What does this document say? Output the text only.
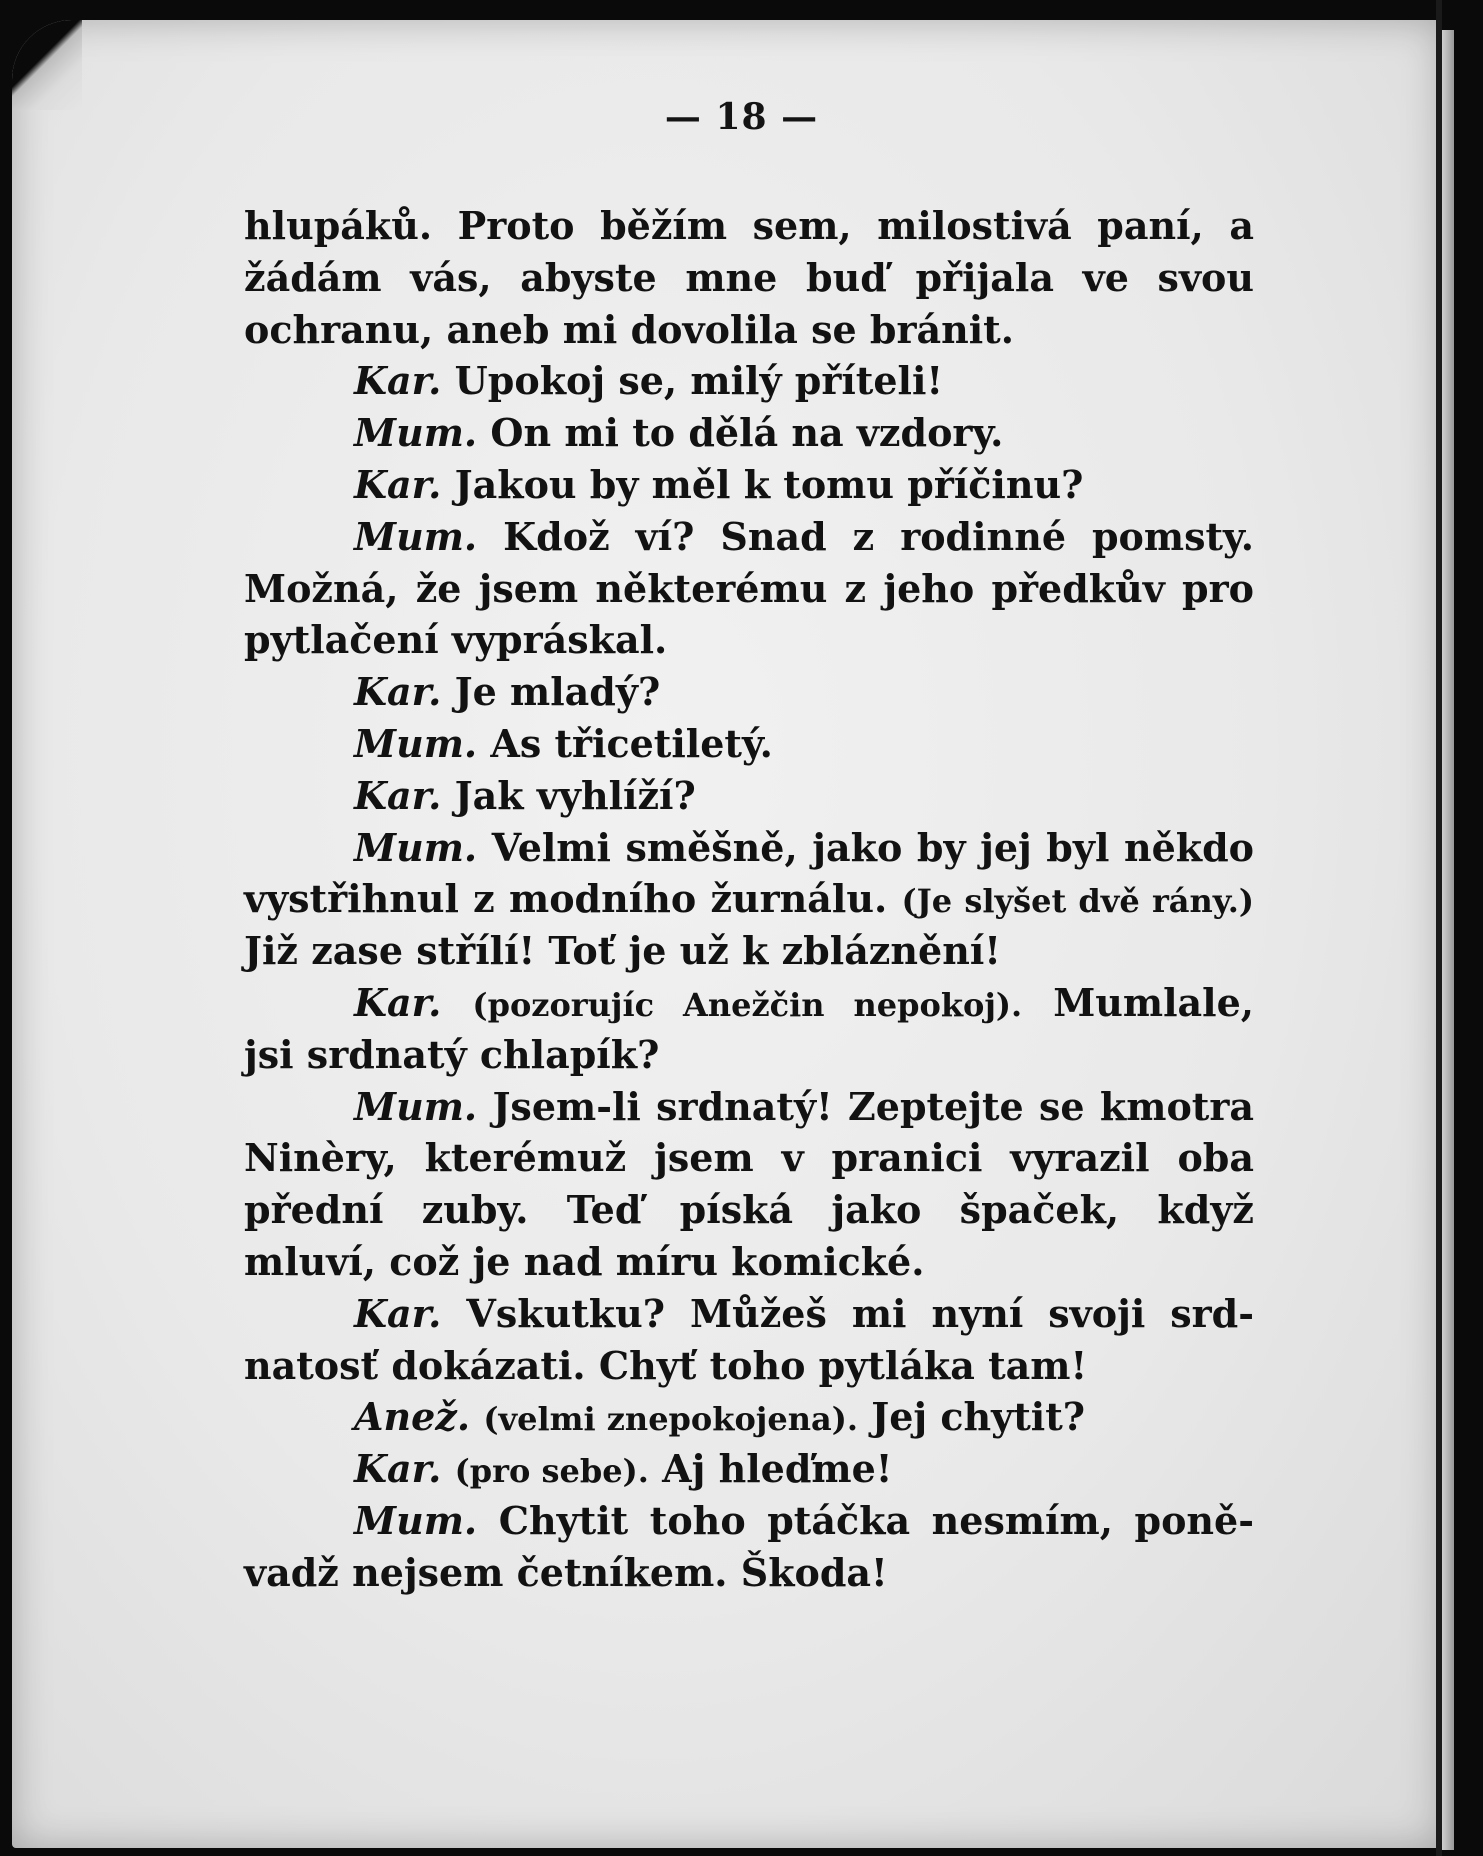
— 18 —
hlupáků. Proto běžím sem, milostivá paní, a
žádám vás, abyste mne buď přijala ve svou
ochranu, aneb mi dovolila se bránit.
Kar. Upokoj se, milý příteli!
Mum. On mi to dělá na vzdory.
Kar. Jakou by měl k tomu příčinu?
Mum. Kdož ví? Snad z rodinné pomsty.
Možná, že jsem některému z jeho předkův pro
pytlačení vypráskal.
Kar. Je mladý?
Mum. As třicetiletý.
Kar. Jak vyhlíží?
Mum. Velmi směšně, jako by jej byl někdo
vystřihnul z modního žurnálu. (Je slyšet dvě rány.)
Již zase střílí! Toť je už k zbláznění!
Kar. (pozorujíc Anežčin nepokoj). Mumlale,
jsi srdnatý chlapík?
Mum. Jsem-li srdnatý! Zeptejte se kmotra
Ninèry, kterémuž jsem v pranici vyrazil oba
přední zuby. Teď píská jako špaček, když
mluví, což je nad míru komické.
Kar. Vskutku? Můžeš mi nyní svoji srd-
natosť dokázati. Chyť toho pytláka tam!
Anež. (velmi znepokojena). Jej chytit?
Kar. (pro sebe). Aj hleďme!
Mum. Chytit toho ptáčka nesmím, poně-
vadž nejsem četníkem. Škoda!
